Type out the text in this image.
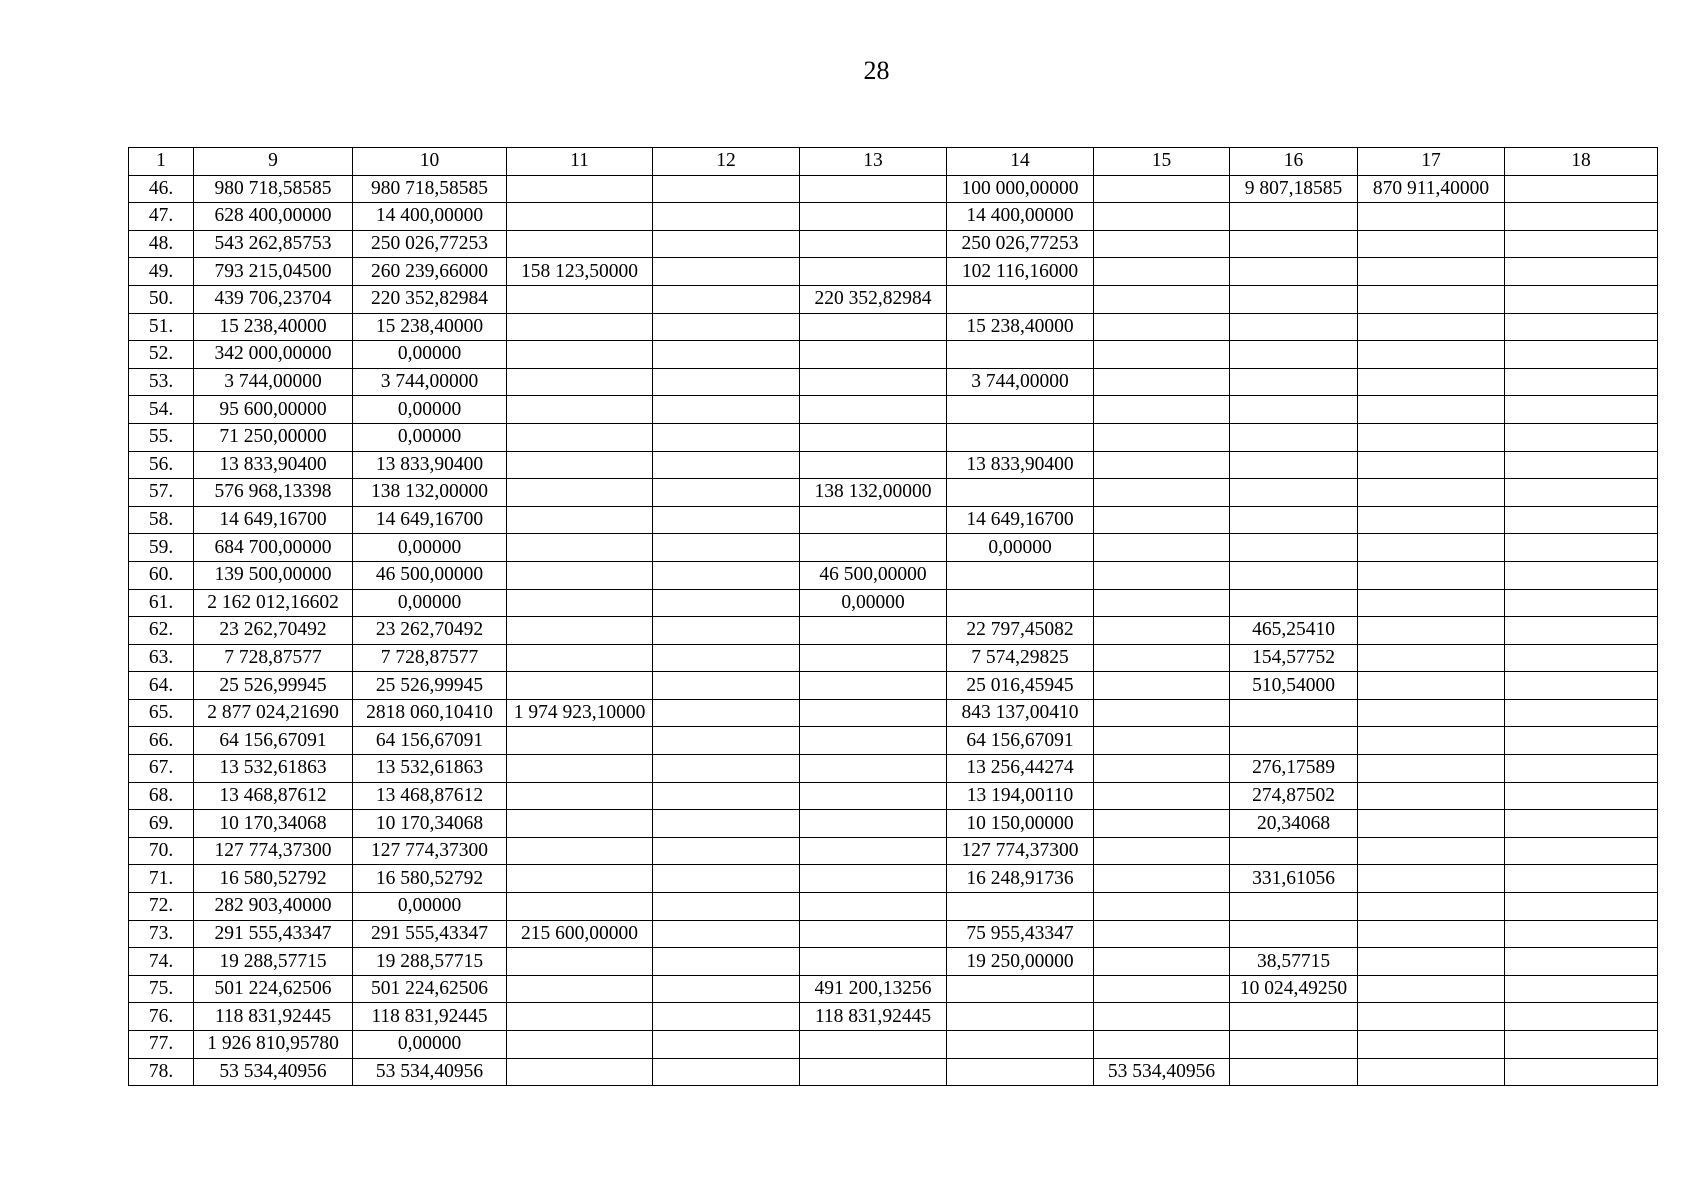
28
1	9	10	11	12	13	14	15	16	17	18
46.	980 718,58585	980 718,58585				100 000,00000		9 807,18585	870 911,40000	
47.	628 400,00000	14 400,00000				14 400,00000				
48.	543 262,85753	250 026,77253				250 026,77253				
49.	793 215,04500	260 239,66000	158 123,50000			102 116,16000				
50.	439 706,23704	220 352,82984			220 352,82984					
51.	15 238,40000	15 238,40000				15 238,40000				
52.	342 000,00000	0,00000								
53.	3 744,00000	3 744,00000				3 744,00000				
54.	95 600,00000	0,00000								
55.	71 250,00000	0,00000								
56.	13 833,90400	13 833,90400				13 833,90400				
57.	576 968,13398	138 132,00000			138 132,00000					
58.	14 649,16700	14 649,16700				14 649,16700				
59.	684 700,00000	0,00000				0,00000				
60.	139 500,00000	46 500,00000			46 500,00000					
61.	2 162 012,16602	0,00000			0,00000					
62.	23 262,70492	23 262,70492				22 797,45082		465,25410		
63.	7 728,87577	7 728,87577				7 574,29825		154,57752		
64.	25 526,99945	25 526,99945				25 016,45945		510,54000		
65.	2 877 024,21690	2818 060,10410	1 974 923,10000			843 137,00410				
66.	64 156,67091	64 156,67091				64 156,67091				
67.	13 532,61863	13 532,61863				13 256,44274		276,17589		
68.	13 468,87612	13 468,87612				13 194,00110		274,87502		
69.	10 170,34068	10 170,34068				10 150,00000		20,34068		
70.	127 774,37300	127 774,37300				127 774,37300				
71.	16 580,52792	16 580,52792				16 248,91736		331,61056		
72.	282 903,40000	0,00000								
73.	291 555,43347	291 555,43347	215 600,00000			75 955,43347				
74.	19 288,57715	19 288,57715				19 250,00000		38,57715		
75.	501 224,62506	501 224,62506			491 200,13256			10 024,49250		
76.	118 831,92445	118 831,92445			118 831,92445					
77.	1 926 810,95780	0,00000								
78.	53 534,40956	53 534,40956					53 534,40956			
